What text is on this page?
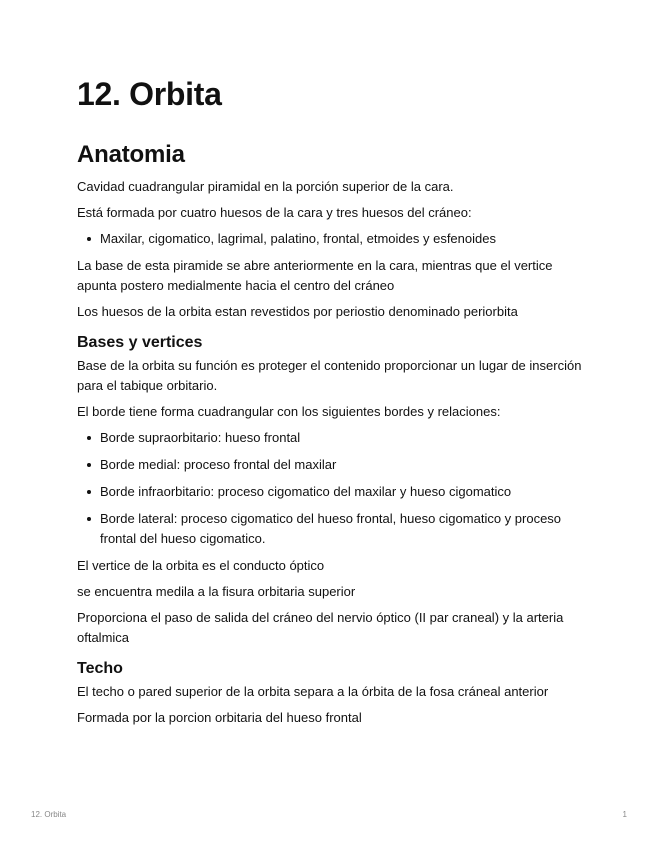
12. Orbita
Anatomia

Cavidad cuadrangular piramidal en la porción superior de la cara.

Está formada por cuatro huesos de la cara y tres huesos del cráneo:

Maxilar, cigomatico, lagrimal, palatino, frontal, etmoides y esfenoides

La base de esta piramide se abre anteriormente en la cara, mientras que el vertice apunta postero medialmente hacia el centro del cráneo

Los huesos de la orbita estan revestidos por periostio denominado periorbita

Bases y vertices

Base de la orbita su función es proteger el contenido proporcionar un lugar de inserción para el tabique orbitario.

El borde tiene forma cuadrangular con los siguientes bordes y relaciones:

Borde supraorbitario: hueso frontal
Borde medial: proceso frontal del maxilar
Borde infraorbitario: proceso cigomatico del maxilar y hueso cigomatico
Borde lateral: proceso cigomatico del hueso frontal, hueso cigomatico y proceso frontal del hueso cigomatico.

El vertice de la orbita es el conducto óptico

se encuentra medila a la fisura orbitaria superior

Proporciona el paso de salida del cráneo del nervio óptico (II par craneal) y la arteria oftalmica

Techo

El techo o pared superior de la orbita separa a la órbita de la fosa cráneal anterior

Formada por la porcion orbitaria del hueso frontal

12. Orbita	1
